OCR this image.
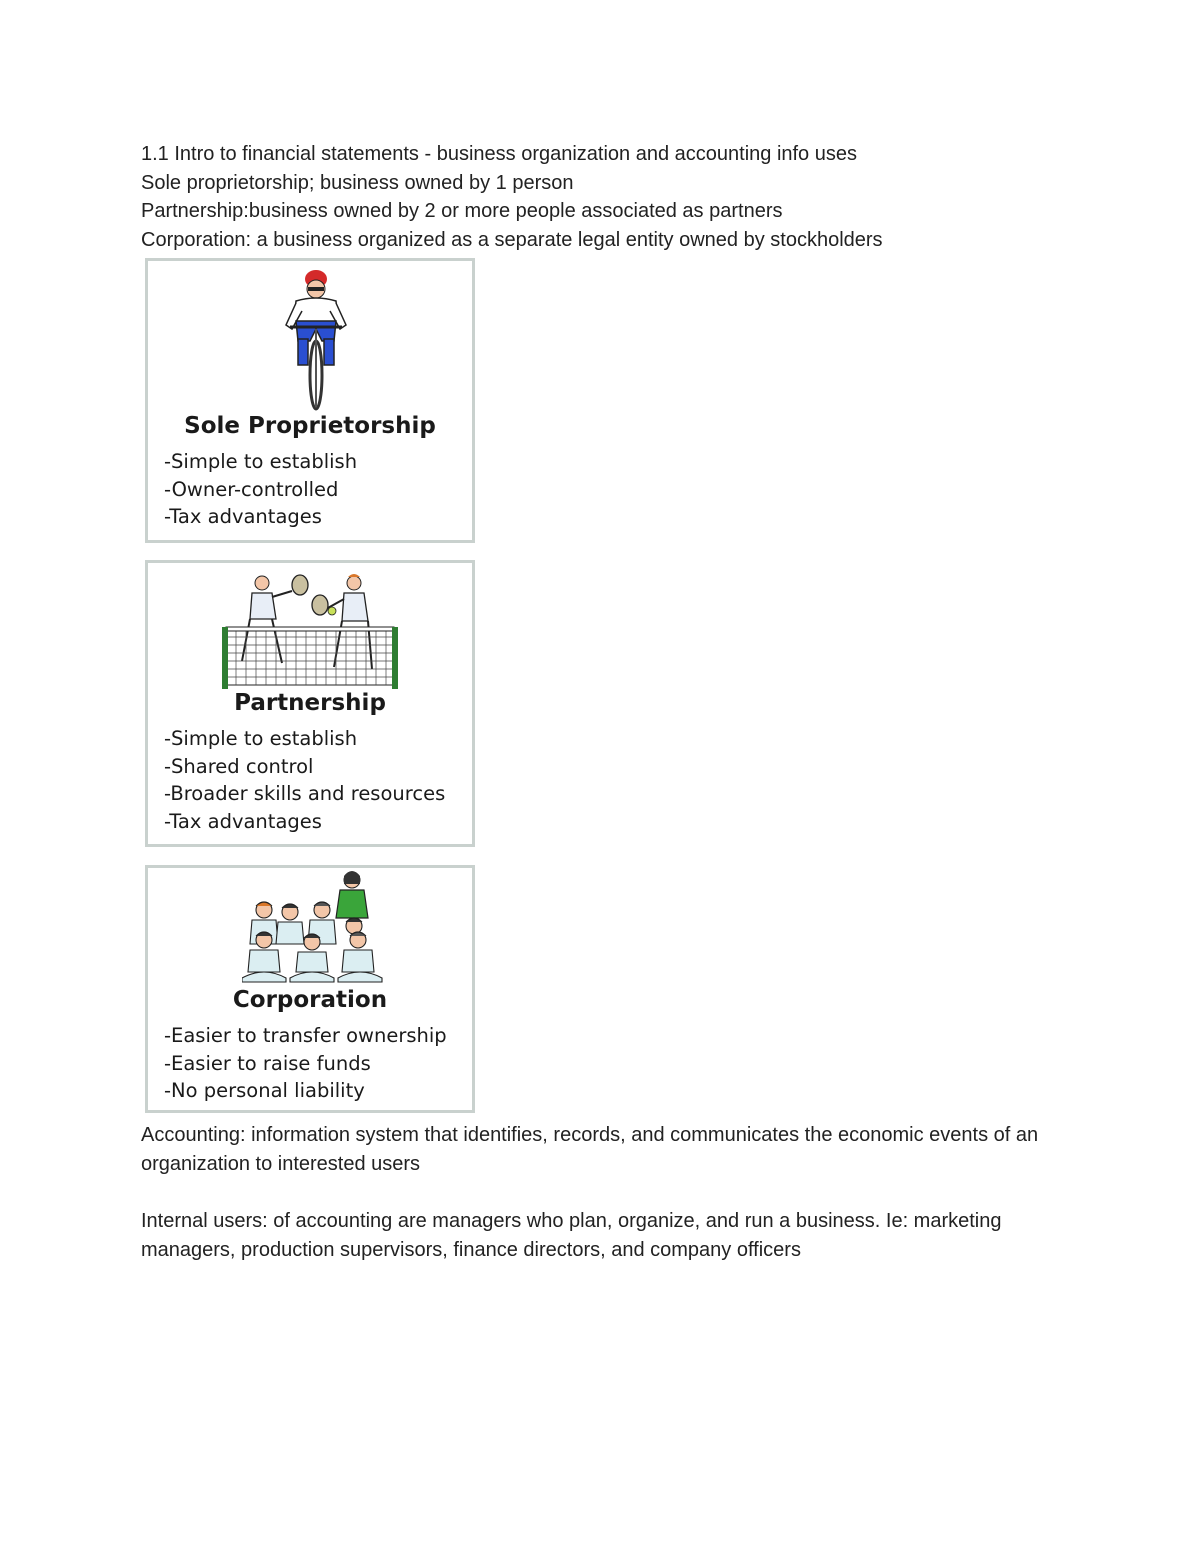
1.1 Intro to financial statements - business organization and accounting info uses
Sole proprietorship; business owned by 1 person
Partnership:business owned by 2 or more people associated as partners
Corporation: a business organized as a separate legal entity owned by stockholders
Sole Proprietorship
-Simple to establish
-Owner-controlled
-Tax advantages
Partnership
-Simple to establish
-Shared control
-Broader skills and resources
-Tax advantages
Corporation
-Easier to transfer ownership
-Easier to raise funds
-No personal liability
Accounting: information system that identifies, records, and communicates the economic events of an organization to interested users
Internal users: of accounting are managers who plan, organize, and run a business. Ie: marketing managers, production supervisors, finance directors, and company officers
